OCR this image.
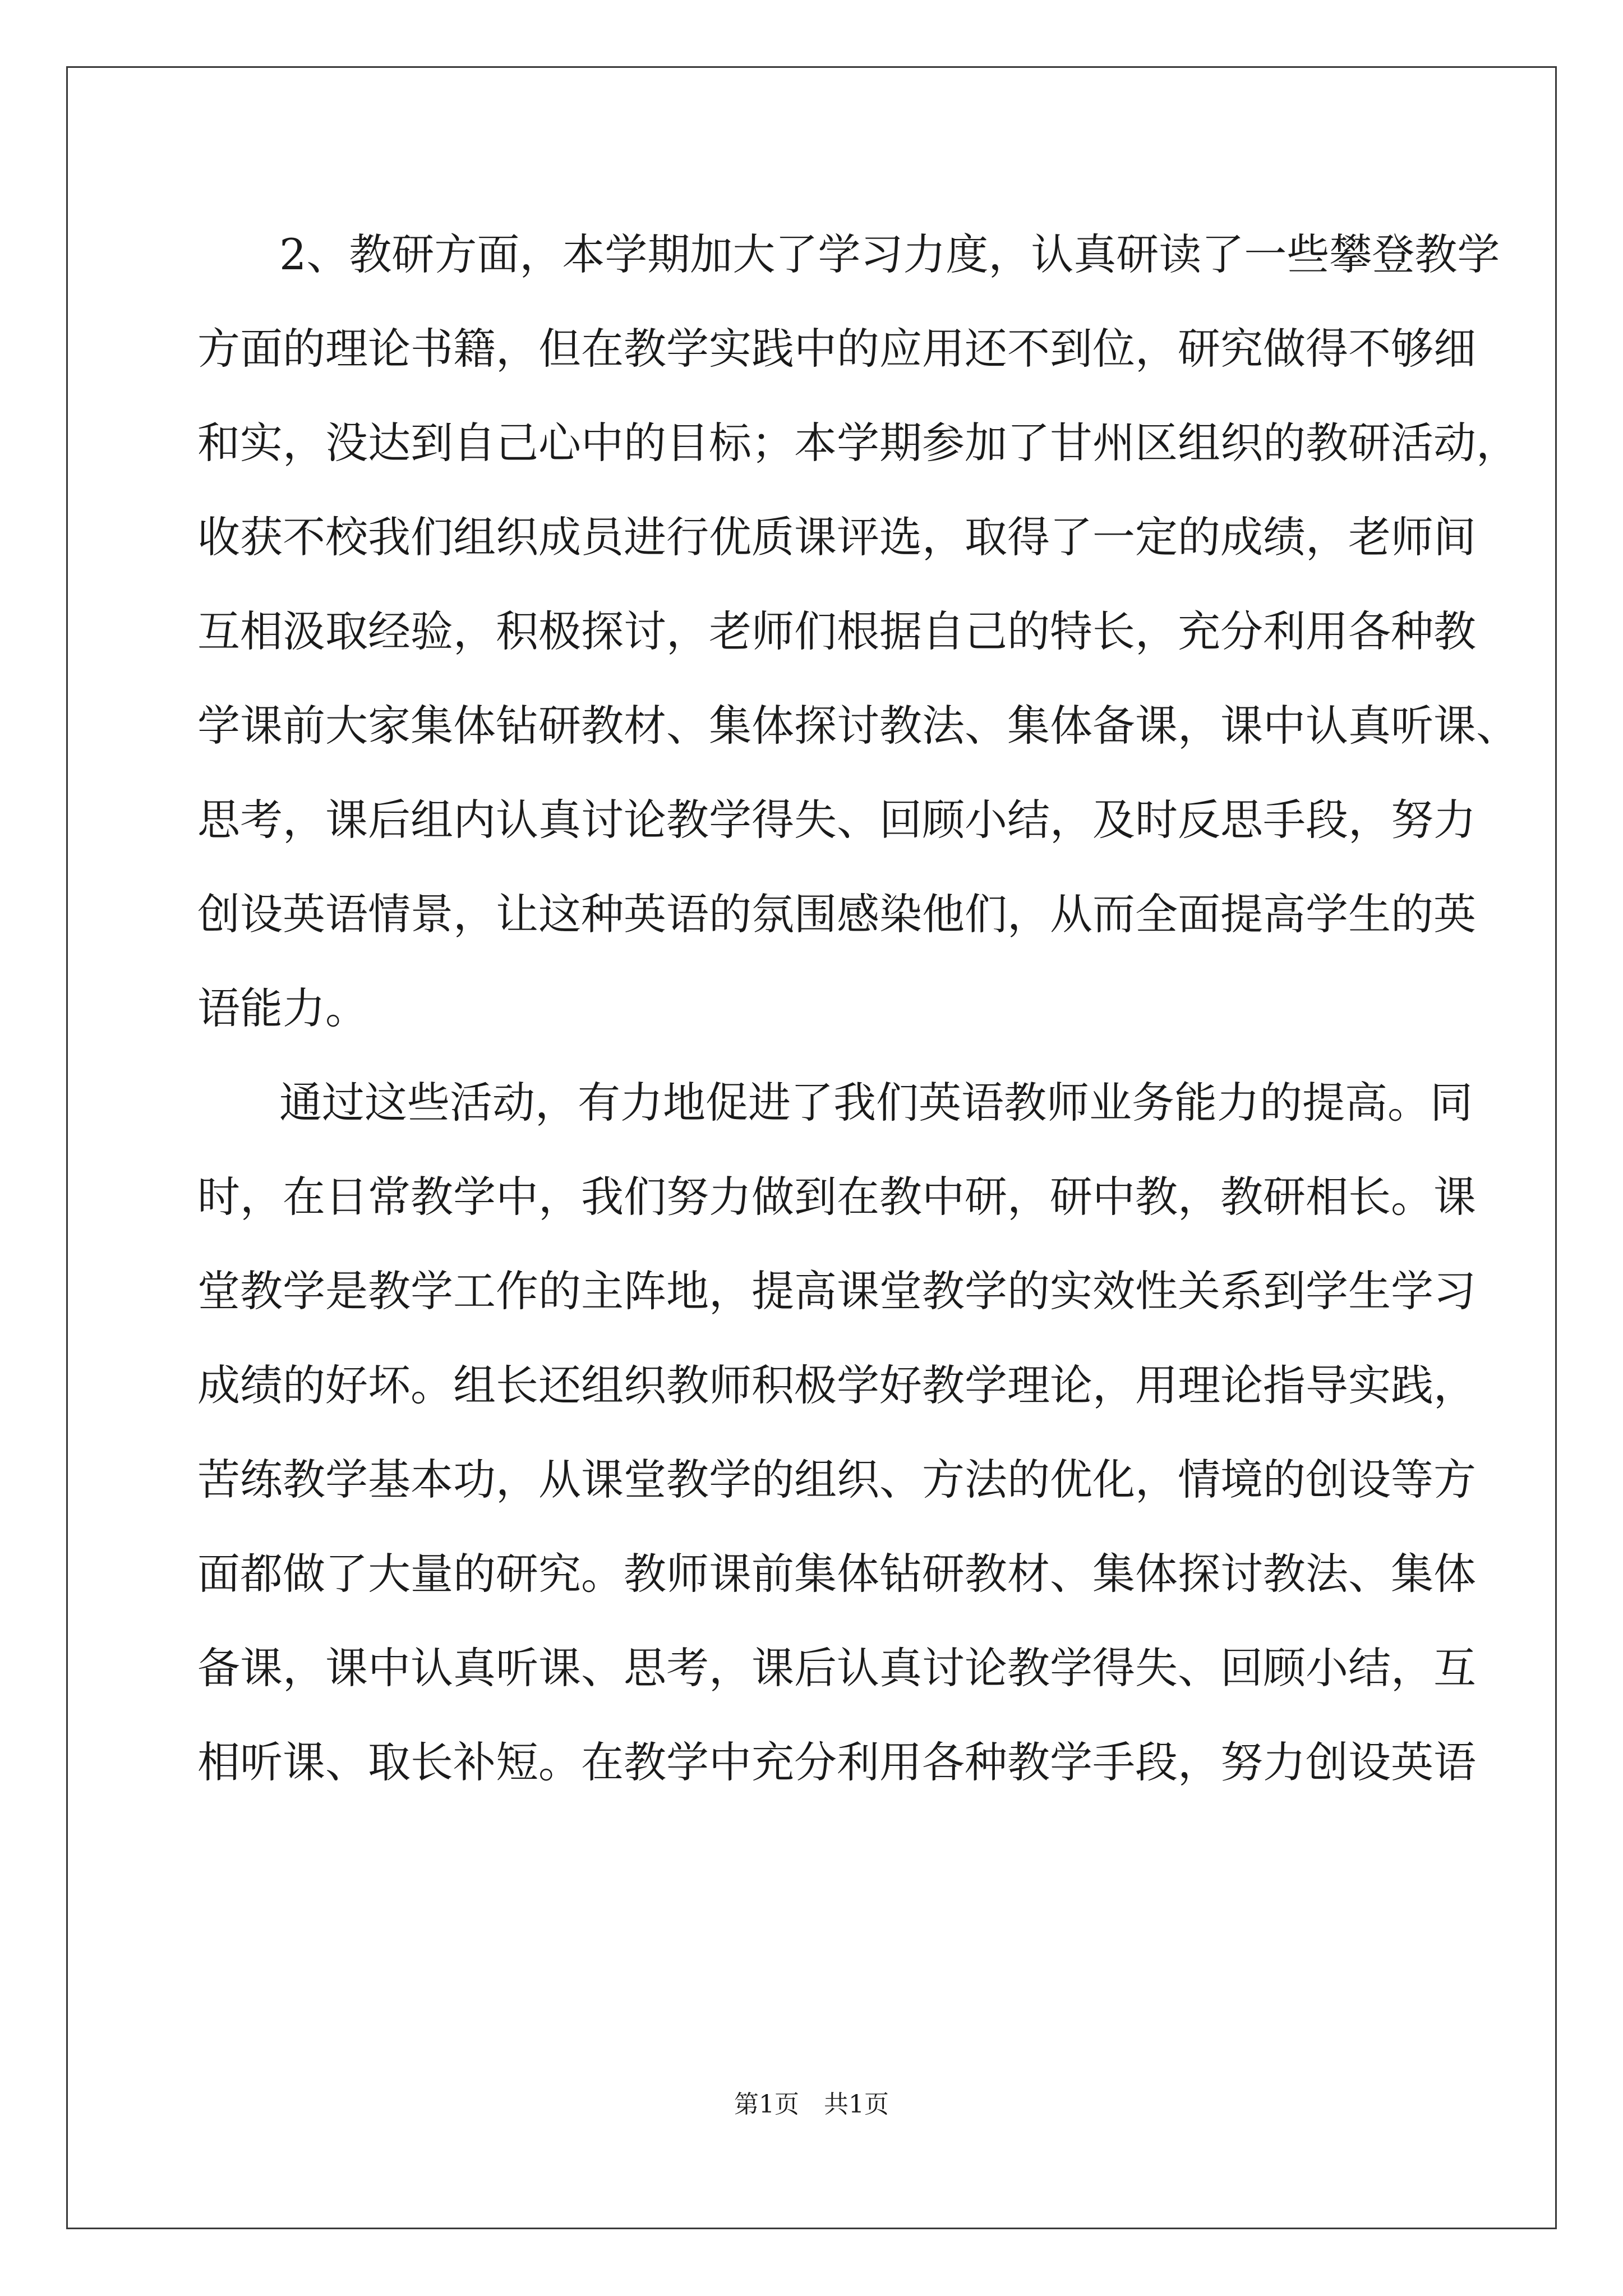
2、教研方面，本学期加大了学习力度，认真研读了一些攀登教学
方面的理论书籍，但在教学实践中的应用还不到位，研究做得不够细
和实，没达到自己心中的目标；本学期参加了甘州区组织的教研活动，
收获不校我们组织成员进行优质课评选，取得了一定的成绩，老师间
互相汲取经验，积极探讨，老师们根据自己的特长，充分利用各种教
学课前大家集体钻研教材、集体探讨教法、集体备课，课中认真听课、
思考，课后组内认真讨论教学得失、回顾小结，及时反思手段，努力
创设英语情景，让这种英语的氛围感染他们，从而全面提高学生的英
语能力。
通过这些活动，有力地促进了我们英语教师业务能力的提高。同
时，在日常教学中，我们努力做到在教中研，研中教，教研相长。课
堂教学是教学工作的主阵地，提高课堂教学的实效性关系到学生学习
成绩的好坏。组长还组织教师积极学好教学理论，用理论指导实践，
苦练教学基本功，从课堂教学的组织、方法的优化，情境的创设等方
面都做了大量的研究。教师课前集体钻研教材、集体探讨教法、集体
备课，课中认真听课、思考，课后认真讨论教学得失、回顾小结，互
相听课、取长补短。在教学中充分利用各种教学手段，努力创设英语
第1页　共1页
